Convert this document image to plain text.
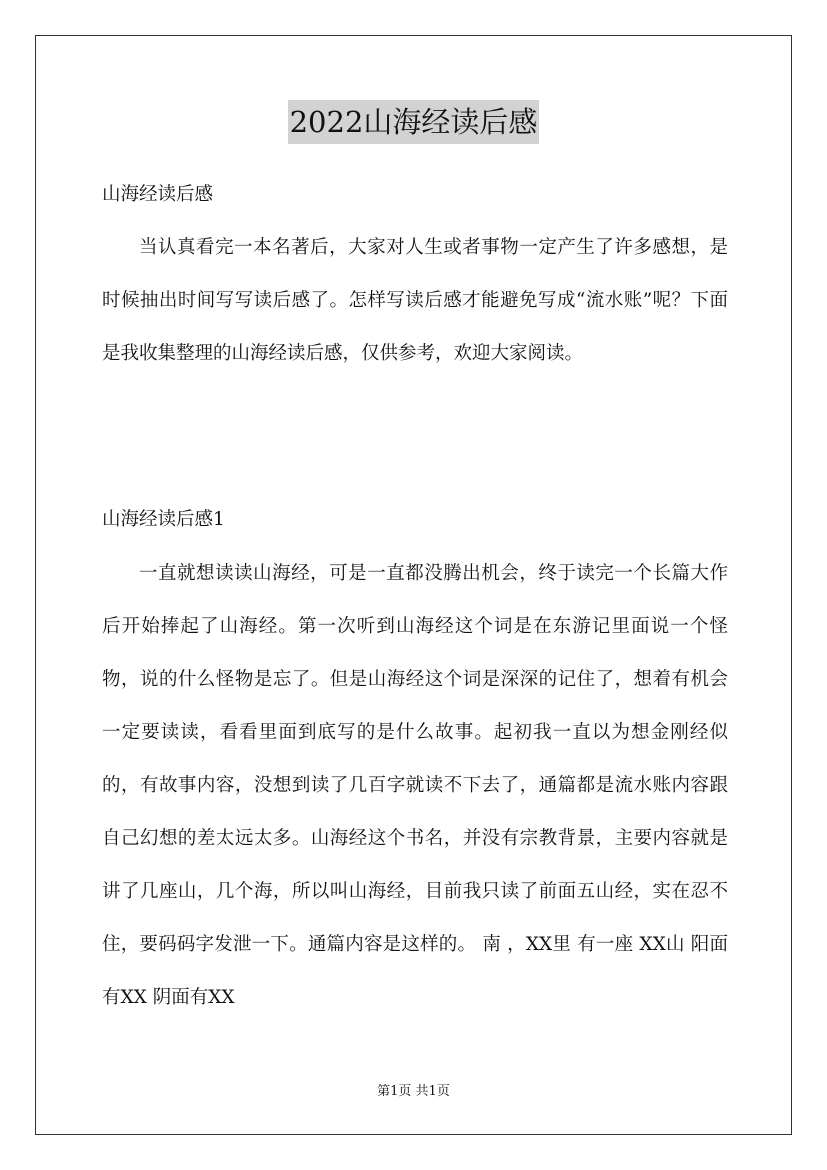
2022山海经读后感
山海经读后感
当认真看完一本名著后，大家对人生或者事物一定产生了许多感想，是时候抽出时间写写读后感了。怎样写读后感才能避免写成“流水账”呢？下面是我收集整理的山海经读后感，仅供参考，欢迎大家阅读。
山海经读后感1
一直就想读读山海经，可是一直都没腾出机会，终于读完一个长篇大作后开始捧起了山海经。第一次听到山海经这个词是在东游记里面说一个怪物，说的什么怪物是忘了。但是山海经这个词是深深的记住了，想着有机会一定要读读，看看里面到底写的是什么故事。起初我一直以为想金刚经似的，有故事内容，没想到读了几百字就读不下去了，通篇都是流水账内容跟自己幻想的差太远太多。山海经这个书名，并没有宗教背景，主要内容就是讲了几座山，几个海，所以叫山海经，目前我只读了前面五山经，实在忍不住，要码码字发泄一下。通篇内容是这样的。 南 ，XX里 有一座 XX山 阳面有XX 阴面有XX
第1页 共1页
